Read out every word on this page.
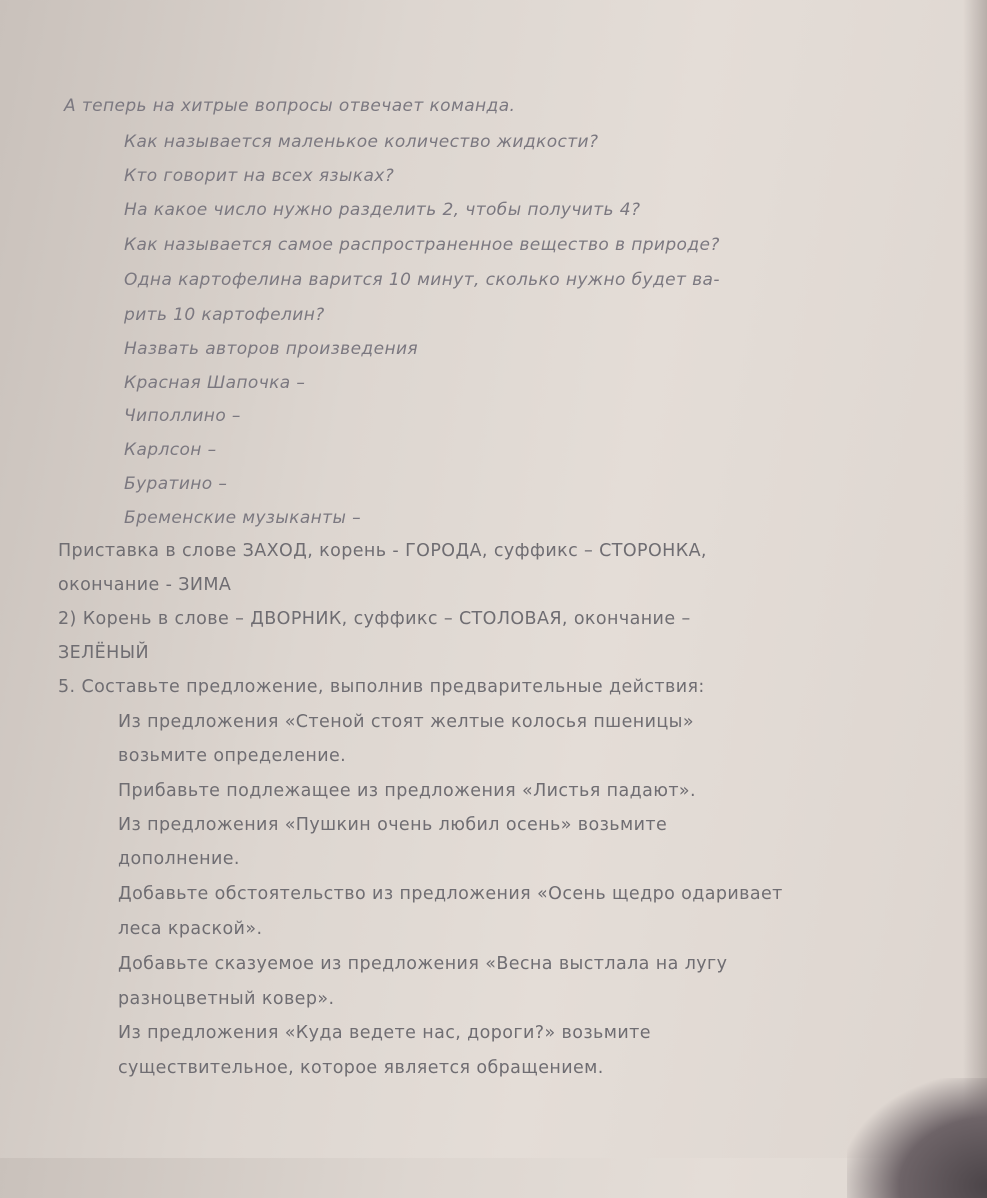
А теперь на хитрые вопросы отвечает команда.
Как называется маленькое количество жидкости?
Кто говорит на всех языках?
На какое число нужно разделить 2, чтобы получить 4?
Как называется самое распространенное вещество в природе?
Одна картофелина варится 10 минут, сколько нужно будет ва-
рить 10 картофелин?
Назвать авторов произведения
Красная Шапочка –
Чиполлино –
Карлсон –
Буратино –
Бременские музыканты –
Приставка в слове ЗАХОД, корень - ГОРОДА, суффикс – СТОРОНКА,
окончание - ЗИМА
2) Корень в слове – ДВОРНИК, суффикс – СТОЛОВАЯ, окончание –
ЗЕЛЁНЫЙ
5. Составьте предложение, выполнив предварительные действия:
Из предложения «Стеной стоят желтые колосья пшеницы»
возьмите определение.
Прибавьте подлежащее из предложения «Листья падают».
Из предложения «Пушкин очень любил осень» возьмите
дополнение.
Добавьте обстоятельство из предложения «Осень щедро одаривает
леса краской».
Добавьте сказуемое из предложения «Весна выстлала на лугу
разноцветный ковер».
Из предложения «Куда ведете нас, дороги?» возьмите
существительное, которое является обращением.
